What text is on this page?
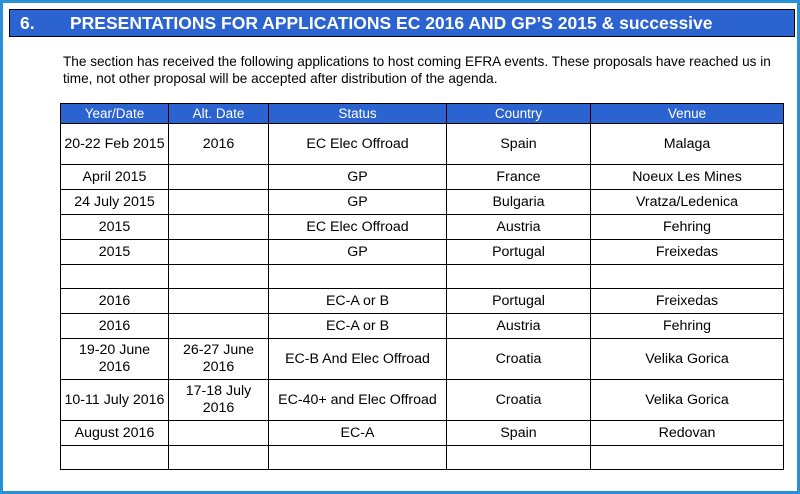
6.	PRESENTATIONS FOR APPLICATIONS EC 2016 AND GP’S 2015 & successive

The section has received the following applications to host coming EFRA events. These proposals have reached us in time, not other proposal will be accepted after distribution of the agenda.

Year/Date	Alt. Date	Status	Country	Venue
20-22 Feb 2015	2016	EC Elec Offroad	Spain	Malaga
April 2015		GP	France	Noeux Les Mines
24 July 2015		GP	Bulgaria	Vratza/Ledenica
2015		EC Elec Offroad	Austria	Fehring
2015		GP	Portugal	Freixedas

2016		EC-A or B	Portugal	Freixedas
2016		EC-A or B	Austria	Fehring
19-20 June 2016	26-27 June 2016	EC-B And Elec Offroad	Croatia	Velika Gorica
10-11 July 2016	17-18 July 2016	EC-40+ and Elec Offroad	Croatia	Velika Gorica
August 2016		EC-A	Spain	Redovan
